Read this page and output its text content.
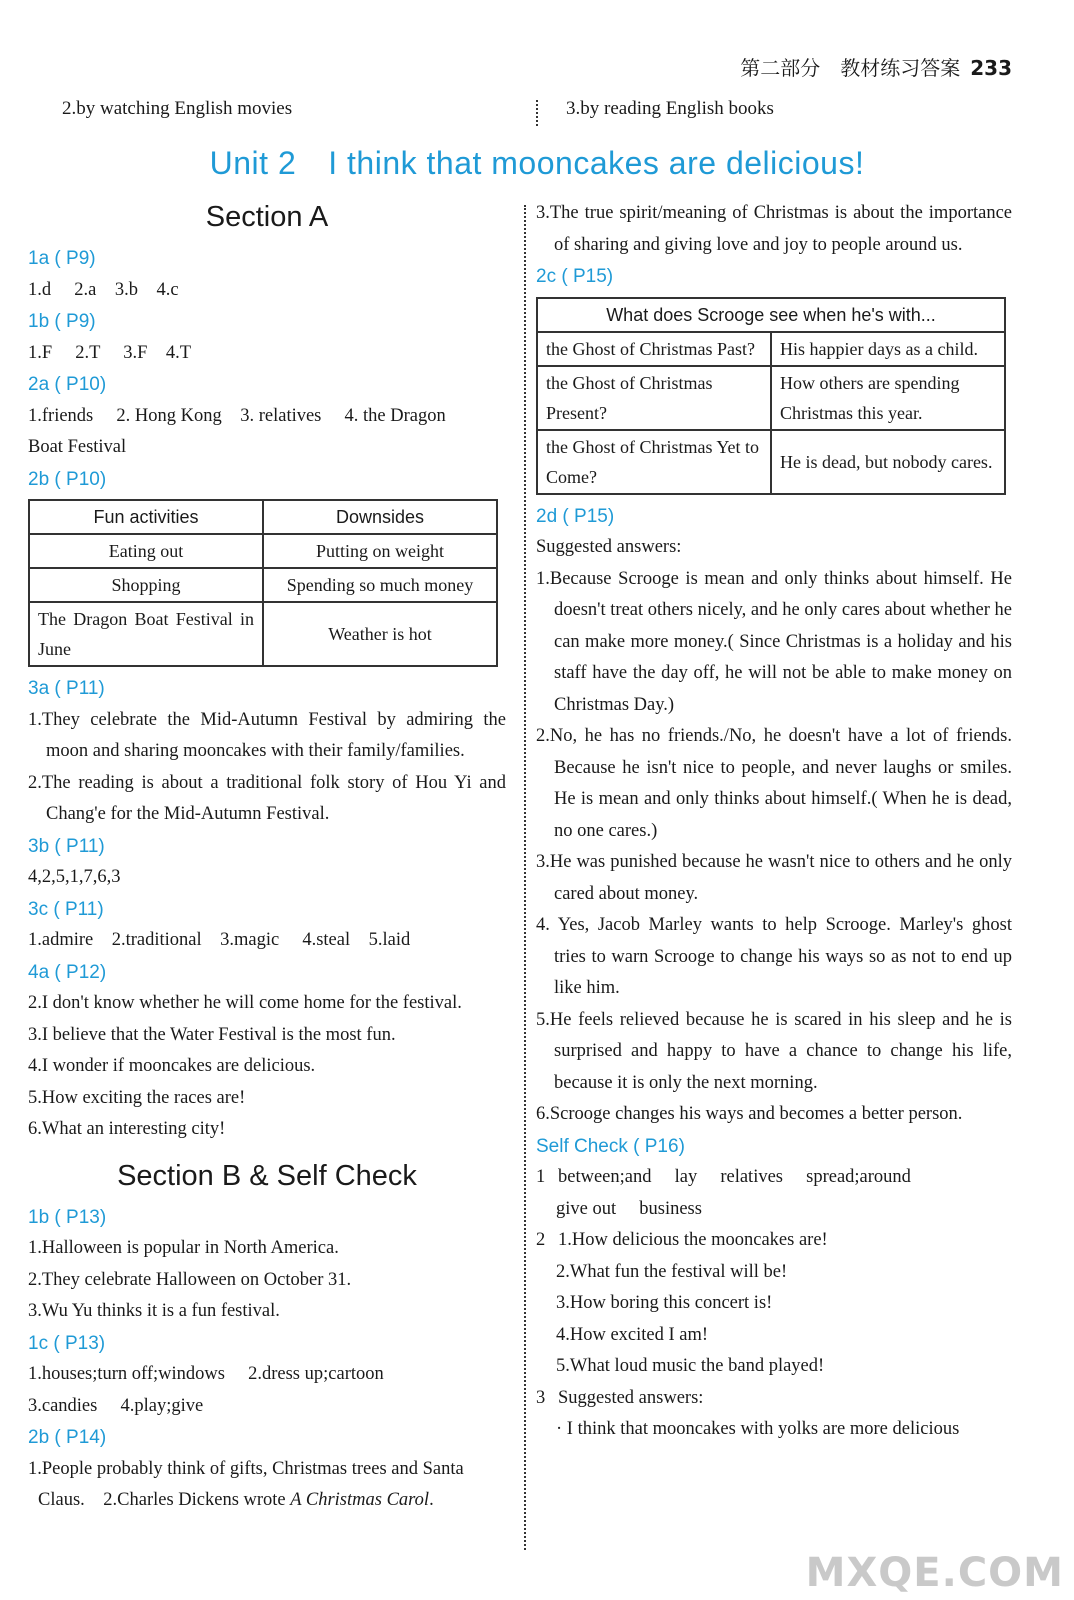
第二部分　教材练习答案 233
2.by watching English movies	3.by reading English books
Unit 2 I think that mooncakes are delicious!
Section A
1a ( P9)
1.d　 2.a　3.b　4.c
1b ( P9)
1.F　 2.T　 3.F　4.T
2a ( P10)
1.friends　 2. Hong Kong　3. relatives　 4. the Dragon
Boat Festival
2b ( P10)
Fun activities	Downsides
Eating out	Putting on weight
Shopping	Spending so much money
The Dragon Boat Festival in June	Weather is hot
3a ( P11)
1.They celebrate the Mid-Autumn Festival by admiring the moon and sharing mooncakes with their family/families.
2.The reading is about a traditional folk story of Hou Yi and Chang'e for the Mid-Autumn Festival.
3b ( P11)
4,2,5,1,7,6,3
3c ( P11)
1.admire　2.traditional　3.magic　 4.steal　5.laid
4a ( P12)
2.I don't know whether he will come home for the festival.
3.I believe that the Water Festival is the most fun.
4.I wonder if mooncakes are delicious.
5.How exciting the races are!
6.What an interesting city!
Section B & Self Check
1b ( P13)
1.Halloween is popular in North America.
2.They celebrate Halloween on October 31.
3.Wu Yu thinks it is a fun festival.
1c ( P13)
1.houses;turn off;windows　 2.dress up;cartoon
3.candies　 4.play;give
2b ( P14)
1.People probably think of gifts, Christmas trees and Santa
Claus.　2.Charles Dickens wrote A Christmas Carol.
3.The true spirit/meaning of Christmas is about the importance of sharing and giving love and joy to people around us.
2c ( P15)
What does Scrooge see when he's with...	
the Ghost of Christmas Past?	His happier days as a child.
the Ghost of Christmas Present?	How others are spending Christmas this year.
the Ghost of Christmas Yet to Come?	He is dead, but nobody cares.
2d ( P15)
Suggested answers:
1.Because Scrooge is mean and only thinks about himself. He doesn't treat others nicely, and he only cares about whether he can make more money.( Since Christmas is a holiday and his staff have the day off, he will not be able to make money on Christmas Day.)
2.No, he has no friends./No, he doesn't have a lot of friends. Because he isn't nice to people, and never laughs or smiles. He is mean and only thinks about himself.( When he is dead, no one cares.)
3.He was punished because he wasn't nice to others and he only cared about money.
4. Yes, Jacob Marley wants to help Scrooge. Marley's ghost tries to warn Scrooge to change his ways so as not to end up like him.
5.He feels relieved because he is scared in his sleep and he is surprised and happy to have a chance to change his life, because it is only the next morning.
6.Scrooge changes his ways and becomes a better person.
Self Check ( P16)
1 between;and　 lay　 relatives　 spread;around
give out　 business
2 1.How delicious the mooncakes are!
2.What fun the festival will be!
3.How boring this concert is!
4.How excited I am!
5.What loud music the band played!
3 Suggested answers:
· I think that mooncakes with yolks are more delicious
MXQE.COM
